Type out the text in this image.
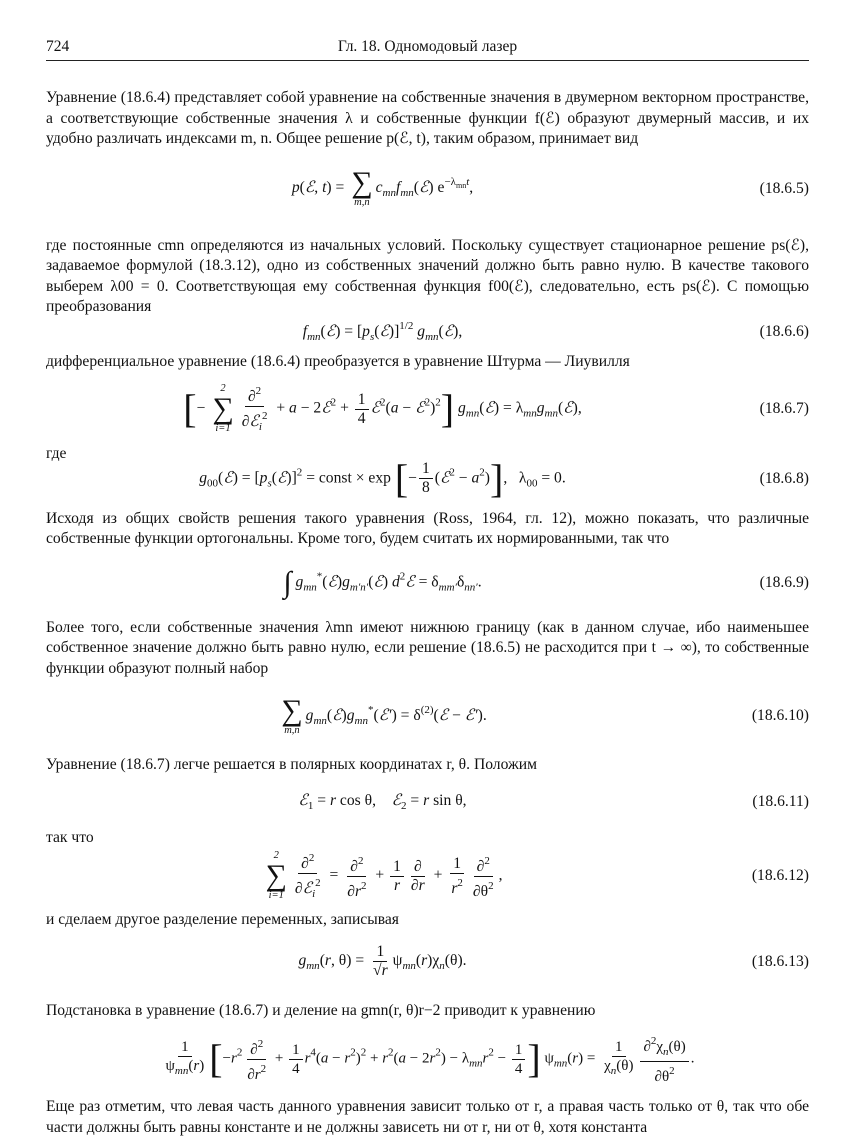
724	Гл. 18. Одномодовый лазер

Уравнение (18.6.4) представляет собой уравнение на собственные значения в двумерном векторном пространстве, а соответствующие собственные значения λ и собственные функции f(ℰ) образуют двумерный массив, и их удобно различать индексами m, n. Общее решение p(ℰ, t), таким образом, принимает вид

p(ℰ, t) = ∑
m,n
$c_{mn}f_{mn}(ℰ)$ $e^{-\lambda_{mn}t}$,	(18.6.5)

где постоянные cmn определяются из начальных условий. Поскольку существует стационарное решение ps(ℰ), задаваемое формулой (18.3.12), одно из собственных значений должно быть равно нулю. В качестве такового выберем λ00 = 0. Соответствующая ему собственная функция f00(ℰ), следовательно, есть ps(ℰ). С помощью преобразования

$f_{mn}(ℰ)$ = $[p_s(ℰ)]^{1/2}$ $g_{mn}(ℰ)$,	(18.6.6)

дифференциальное уравнение (18.6.4) преобразуется в уравнение Штурма — Лиувилля

[−
2
∑
$i=1 \frac{\partial^2}{\partial ℰ_i^2} + a$ − 2ℰ$^2$ + $\frac{1}{4}$ ℰ$^2$(a − ℰ$^2$)$^2$] $g_{mn}(ℰ)$ = $\lambda_{mn}g_{mn}(ℰ)$,	(18.6.7)

где

$g_{00}(ℰ)$ = $[p_s(ℰ)]^2$ = const × exp [− $\frac{1}{8}$ (ℰ$^2$ − $a^2$)],   $\lambda_{00} = 0$.	(18.6.8)

Исходя из общих свойств решения такого уравнения (Ross, 1964, гл. 12), можно показать, что различные собственные функции ортогональны. Кроме того, будем считать их нормированными, так что

∫ $g_{mn}^*(ℰ)g_{m'n'}(ℰ)$ $d^2ℰ = \delta_{mm'}\delta_{nn'}$.	(18.6.9)

Более того, если собственные значения λmn имеют нижнюю границу (как в данном случае, ибо наименьшее собственное значение должно быть равно нулю, если решение (18.6.5) не расходится при t → ∞), то собственные функции образуют полный набор

∑
m,n
$g_{mn}(ℰ)g_{mn}^*(ℰ')$ = $\delta^{(2)}(ℰ$ − ℰ′).	(18.6.10)

Уравнение (18.6.7) легче решается в полярных координатах r, θ. Положим

ℰ$_1$ = r cos θ,    ℰ$_2$ = r sin θ,	(18.6.11)

так что

2
∑
$i=1 \frac{\partial^2}{\partial ℰ_i^2} = \frac{\partial^2}{\partial r^2} + \frac{1}{r} \frac{\partial}{\partial r} + \frac{1}{r^2} \frac{\partial^2}{\partial\theta^2}$ ,	(18.6.12)

и сделаем другое разделение переменных, записывая

$g_{mn}(r$, $\theta) = \frac{1}{√r} \psi_{mn}(r)\chi_n(\theta)$.	(18.6.13)

Подстановка в уравнение (18.6.7) и деление на gmn(r, θ)r−2 приводит к уравнению

$\frac{1}{\psi_{mn}(r)} [-r^2 \frac{\partial^2}{\partial r^2} + \frac{1}{4} r^4(a - r^2)^2 + r^2(a - 2r^2) - \lambda_{mn}r^2 - \frac{1}{4}$ ] $\psi_{mn}(r) = \frac{1}{\chi_n(\theta)} \frac{\partial^2\chi_n(\theta)}{\partial\theta^2}$ .

Еще раз отметим, что левая часть данного уравнения зависит только от r, а правая часть только от θ, так что обе части должны быть равны константе и не должны зависеть ни от r, ни от θ, хотя константа
